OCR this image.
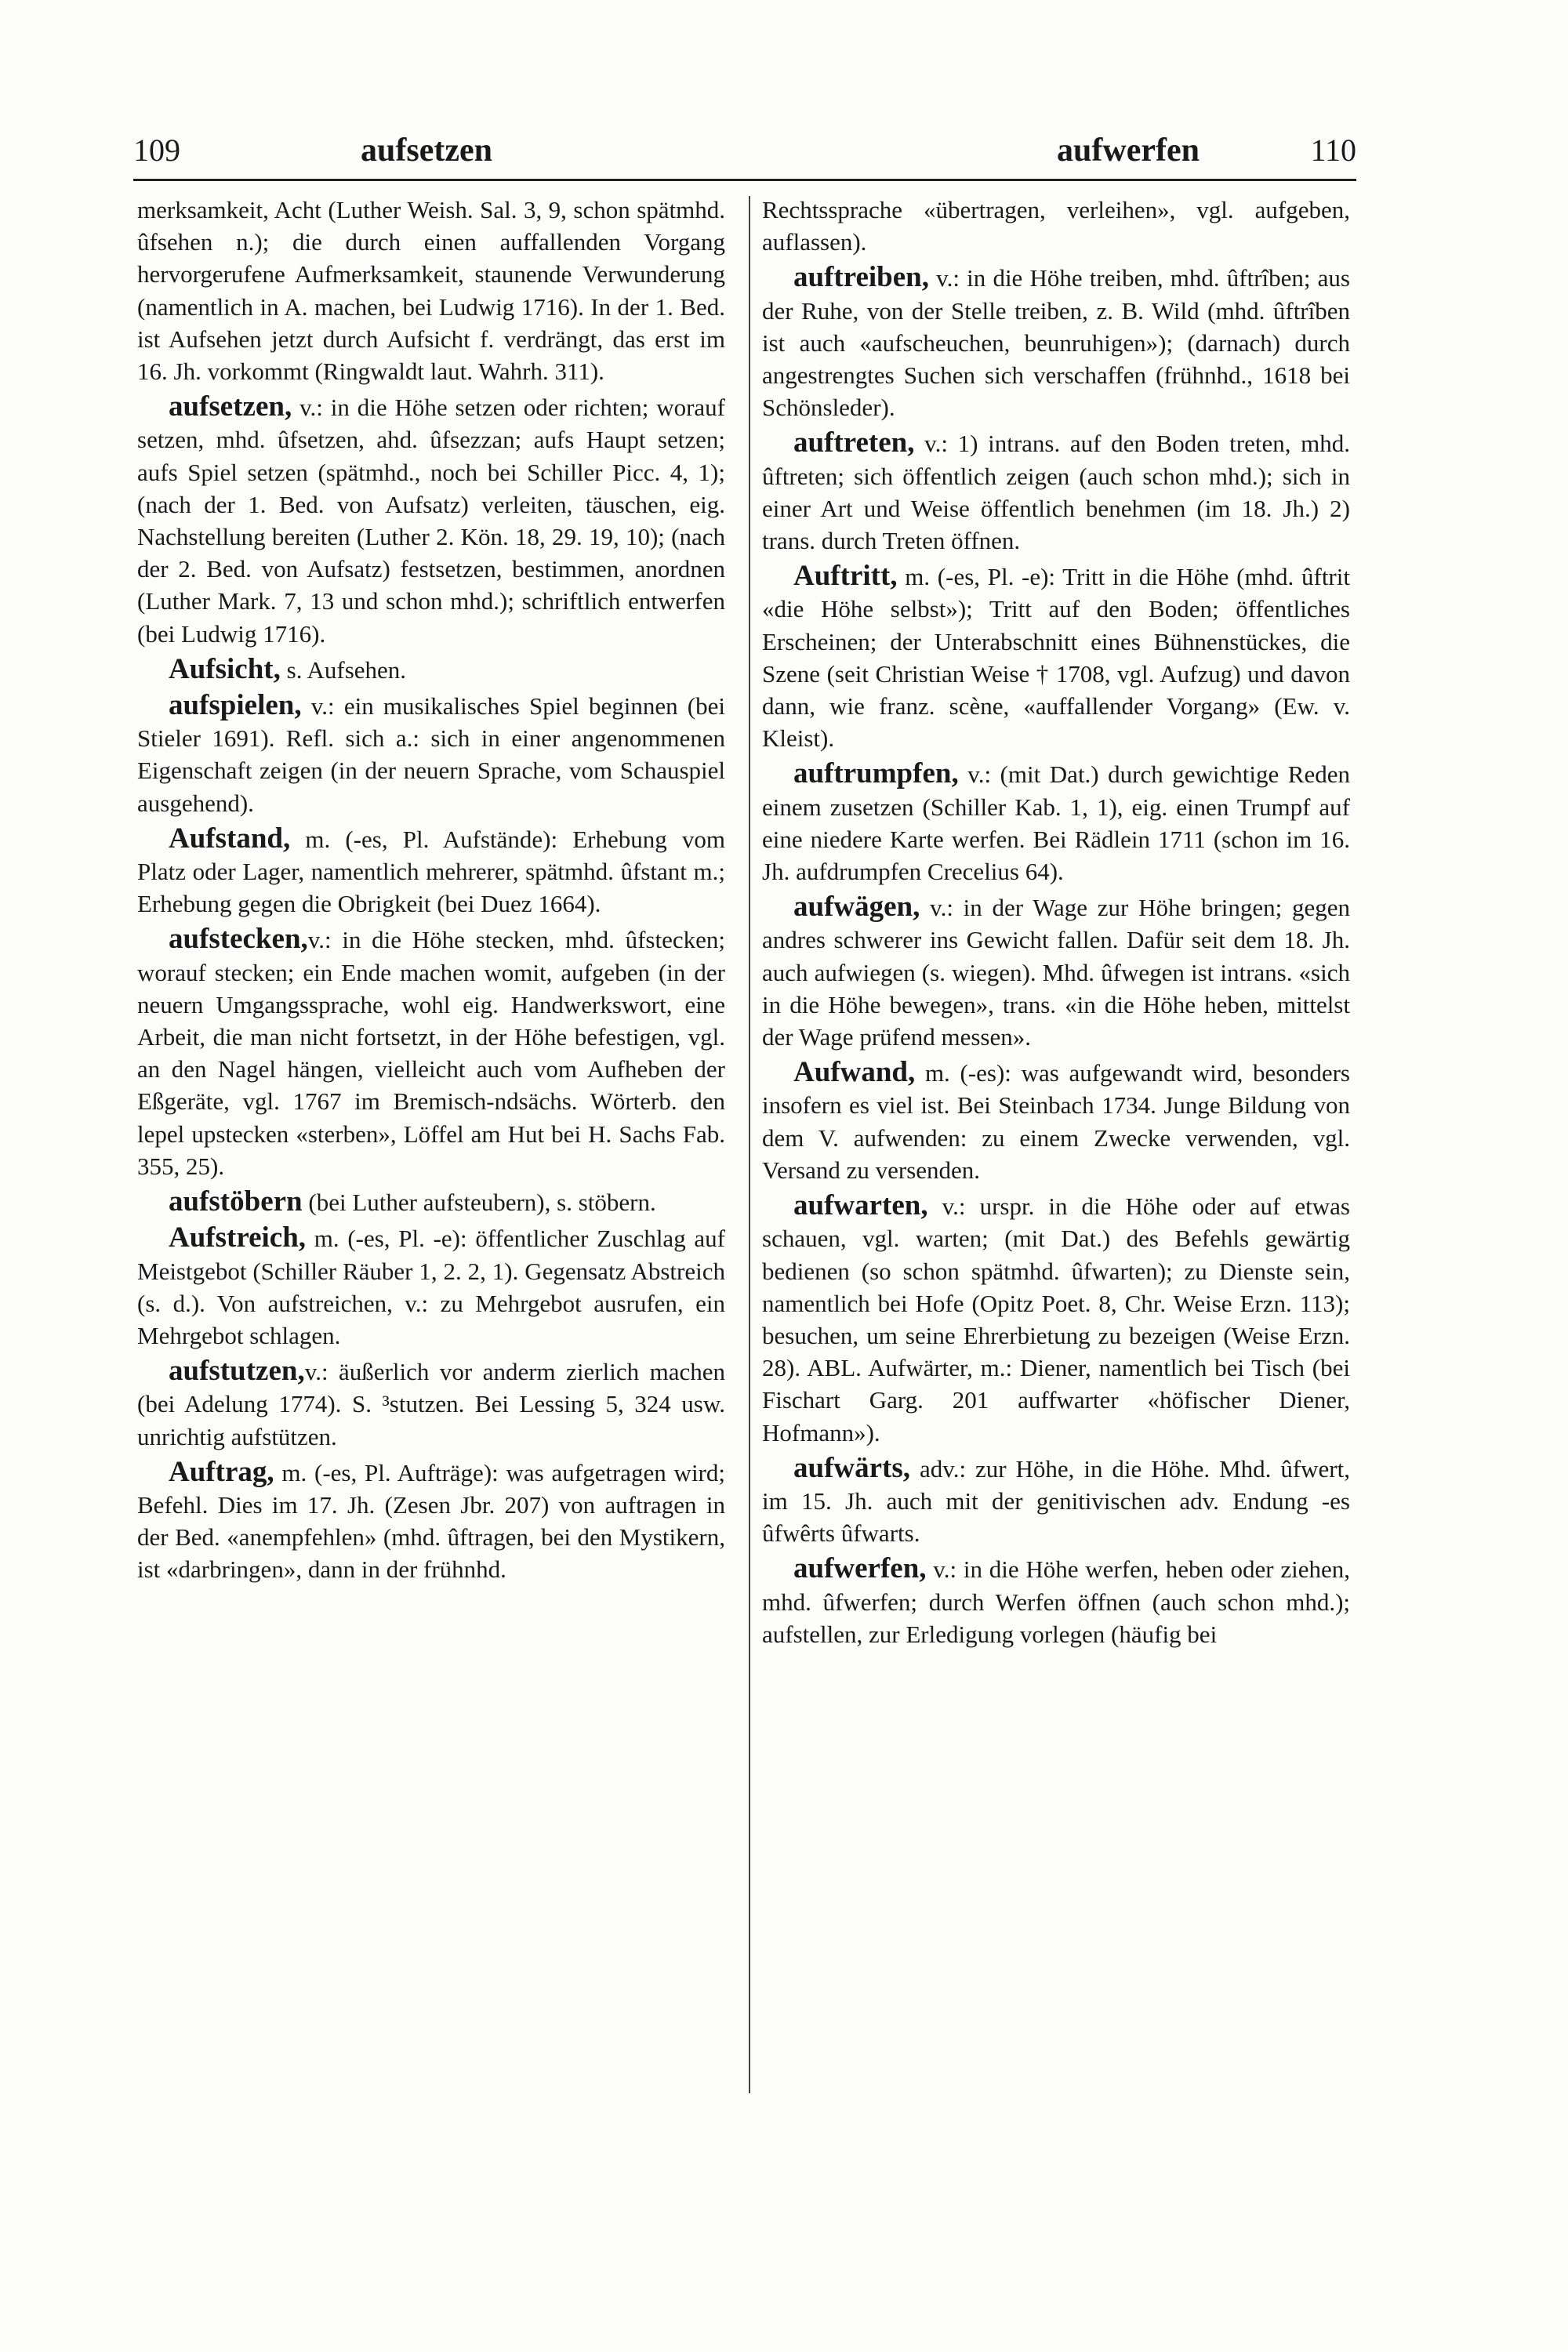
109	aufsetzen	aufwerfen	110

merksamkeit, Acht (Luther Weish. Sal. 3, 9, schon spätmhd. ûfsehen n.); die durch einen auffallenden Vorgang hervorgerufene Aufmerksamkeit, staunende Verwunderung (namentlich in A. machen, bei Ludwig 1716). In der 1. Bed. ist Aufsehen jetzt durch Aufsicht f. verdrängt, das erst im 16. Jh. vorkommt (Ringwaldt laut. Wahrh. 311).

aufsetzen, v.: in die Höhe setzen oder richten; worauf setzen, mhd. ûfsetzen, ahd. ûfsezzan; aufs Haupt setzen; aufs Spiel setzen (spätmhd., noch bei Schiller Picc. 4, 1); (nach der 1. Bed. von Aufsatz) verleiten, täuschen, eig. Nachstellung bereiten (Luther 2. Kön. 18, 29. 19, 10); (nach der 2. Bed. von Aufsatz) festsetzen, bestimmen, anordnen (Luther Mark. 7, 13 und schon mhd.); schriftlich entwerfen (bei Ludwig 1716).

Aufsicht, s. Aufsehen.

aufspielen, v.: ein musikalisches Spiel beginnen (bei Stieler 1691). Refl. sich a.: sich in einer angenommenen Eigenschaft zeigen (in der neuern Sprache, vom Schauspiel ausgehend).

Aufstand, m. (-es, Pl. Aufstände): Erhebung vom Platz oder Lager, namentlich mehrerer, spätmhd. ûfstant m.; Erhebung gegen die Obrigkeit (bei Duez 1664).

aufstecken,v.: in die Höhe stecken, mhd. ûfstecken; worauf stecken; ein Ende machen womit, aufgeben (in der neuern Umgangssprache, wohl eig. Handwerkswort, eine Arbeit, die man nicht fortsetzt, in der Höhe befestigen, vgl. an den Nagel hängen, vielleicht auch vom Aufheben der Eßgeräte, vgl. 1767 im Bremisch-ndsächs. Wörterb. den lepel upstecken «sterben», Löffel am Hut bei H. Sachs Fab. 355, 25).

aufstöbern (bei Luther aufsteubern), s. stöbern.

Aufstreich, m. (-es, Pl. -e): öffentlicher Zuschlag auf Meistgebot (Schiller Räuber 1, 2. 2, 1). Gegensatz Abstreich (s. d.). Von aufstreichen, v.: zu Mehrgebot ausrufen, ein Mehrgebot schlagen.

aufstutzen,v.: äußerlich vor anderm zierlich machen (bei Adelung 1774). S. ³stutzen. Bei Lessing 5, 324 usw. unrichtig aufstützen.

Auftrag, m. (-es, Pl. Aufträge): was aufgetragen wird; Befehl. Dies im 17. Jh. (Zesen Jbr. 207) von auftragen in der Bed. «anempfehlen» (mhd. ûftragen, bei den Mystikern, ist «darbringen», dann in der frühnhd.

Rechtssprache «übertragen, verleihen», vgl. aufgeben, auflassen).

auftreiben, v.: in die Höhe treiben, mhd. ûftrîben; aus der Ruhe, von der Stelle treiben, z. B. Wild (mhd. ûftrîben ist auch «aufscheuchen, beunruhigen»); (darnach) durch angestrengtes Suchen sich verschaffen (frühnhd., 1618 bei Schönsleder).

auftreten, v.: 1) intrans. auf den Boden treten, mhd. ûftreten; sich öffentlich zeigen (auch schon mhd.); sich in einer Art und Weise öffentlich benehmen (im 18. Jh.) 2) trans. durch Treten öffnen.

Auftritt, m. (-es, Pl. -e): Tritt in die Höhe (mhd. ûftrit «die Höhe selbst»); Tritt auf den Boden; öffentliches Erscheinen; der Unterabschnitt eines Bühnenstückes, die Szene (seit Christian Weise † 1708, vgl. Aufzug) und davon dann, wie franz. scène, «auffallender Vorgang» (Ew. v. Kleist).

auftrumpfen, v.: (mit Dat.) durch gewichtige Reden einem zusetzen (Schiller Kab. 1, 1), eig. einen Trumpf auf eine niedere Karte werfen. Bei Rädlein 1711 (schon im 16. Jh. aufdrumpfen Crecelius 64).

aufwägen, v.: in der Wage zur Höhe bringen; gegen andres schwerer ins Gewicht fallen. Dafür seit dem 18. Jh. auch aufwiegen (s. wiegen). Mhd. ûfwegen ist intrans. «sich in die Höhe bewegen», trans. «in die Höhe heben, mittelst der Wage prüfend messen».

Aufwand, m. (-es): was aufgewandt wird, besonders insofern es viel ist. Bei Steinbach 1734. Junge Bildung von dem V. aufwenden: zu einem Zwecke verwenden, vgl. Versand zu versenden.

aufwarten, v.: urspr. in die Höhe oder auf etwas schauen, vgl. warten; (mit Dat.) des Befehls gewärtig bedienen (so schon spätmhd. ûfwarten); zu Dienste sein, namentlich bei Hofe (Opitz Poet. 8, Chr. Weise Erzn. 113); besuchen, um seine Ehrerbietung zu bezeigen (Weise Erzn. 28). ABL. Aufwärter, m.: Diener, namentlich bei Tisch (bei Fischart Garg. 201 auffwarter «höfischer Diener, Hofmann»).

aufwärts, adv.: zur Höhe, in die Höhe. Mhd. ûfwert, im 15. Jh. auch mit der genitivischen adv. Endung -es ûfwêrts ûfwarts.

aufwerfen, v.: in die Höhe werfen, heben oder ziehen, mhd. ûfwerfen; durch Werfen öffnen (auch schon mhd.); aufstellen, zur Erledigung vorlegen (häufig bei
